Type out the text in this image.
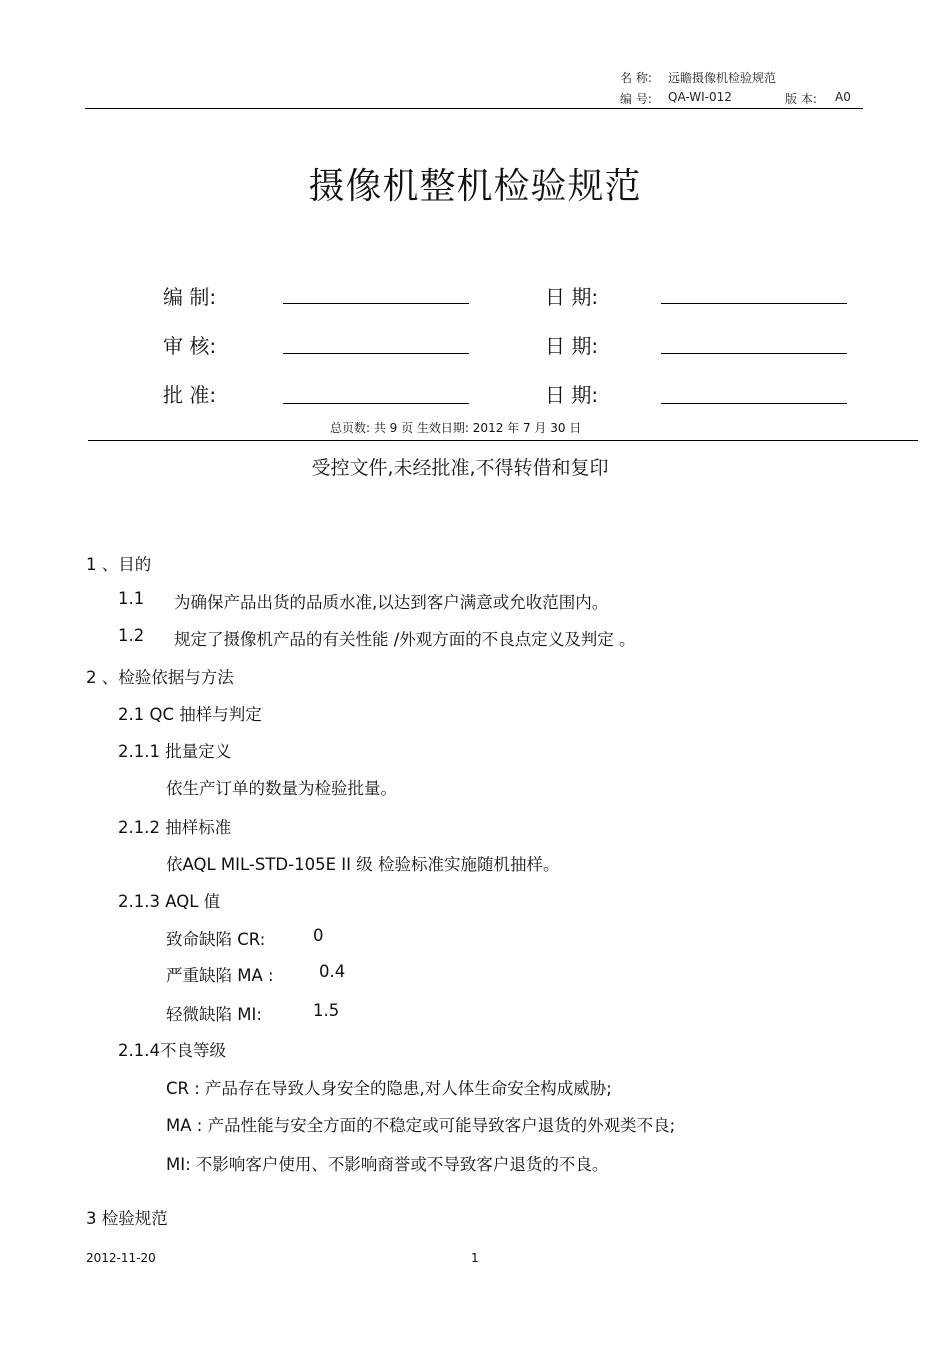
名 称: 远瞻摄像机检验规范
编 号: QA-WI-012	版 本: A0
摄像机整机检验规范
编 制:	日 期:
审 核:	日 期:
批 准:	日 期:
总页数: 共 9 页 生效日期: 2012 年 7 月 30 日
受控文件,未经批准,不得转借和复印
1 、目的
1.1 为确保产品出货的品质水准,以达到客户满意或允收范围内。
1.2 规定了摄像机产品的有关性能 /外观方面的不良点定义及判定 。
2 、检验依据与方法
2.1 QC 抽样与判定
2.1.1 批量定义
依生产订单的数量为检验批量。
2.1.2 抽样标准
依AQL MIL-STD-105E II 级 检验标准实施随机抽样。
2.1.3 AQL 值
致命缺陷 CR:	0
严重缺陷 MA :	0.4
轻微缺陷 MI:	1.5
2.1.4不良等级
CR : 产品存在导致人身安全的隐患,对人体生命安全构成威胁;
MA : 产品性能与安全方面的不稳定或可能导致客户退货的外观类不良;
MI: 不影响客户使用、不影响商誉或不导致客户退货的不良。
3 检验规范
2012-11-20	1
